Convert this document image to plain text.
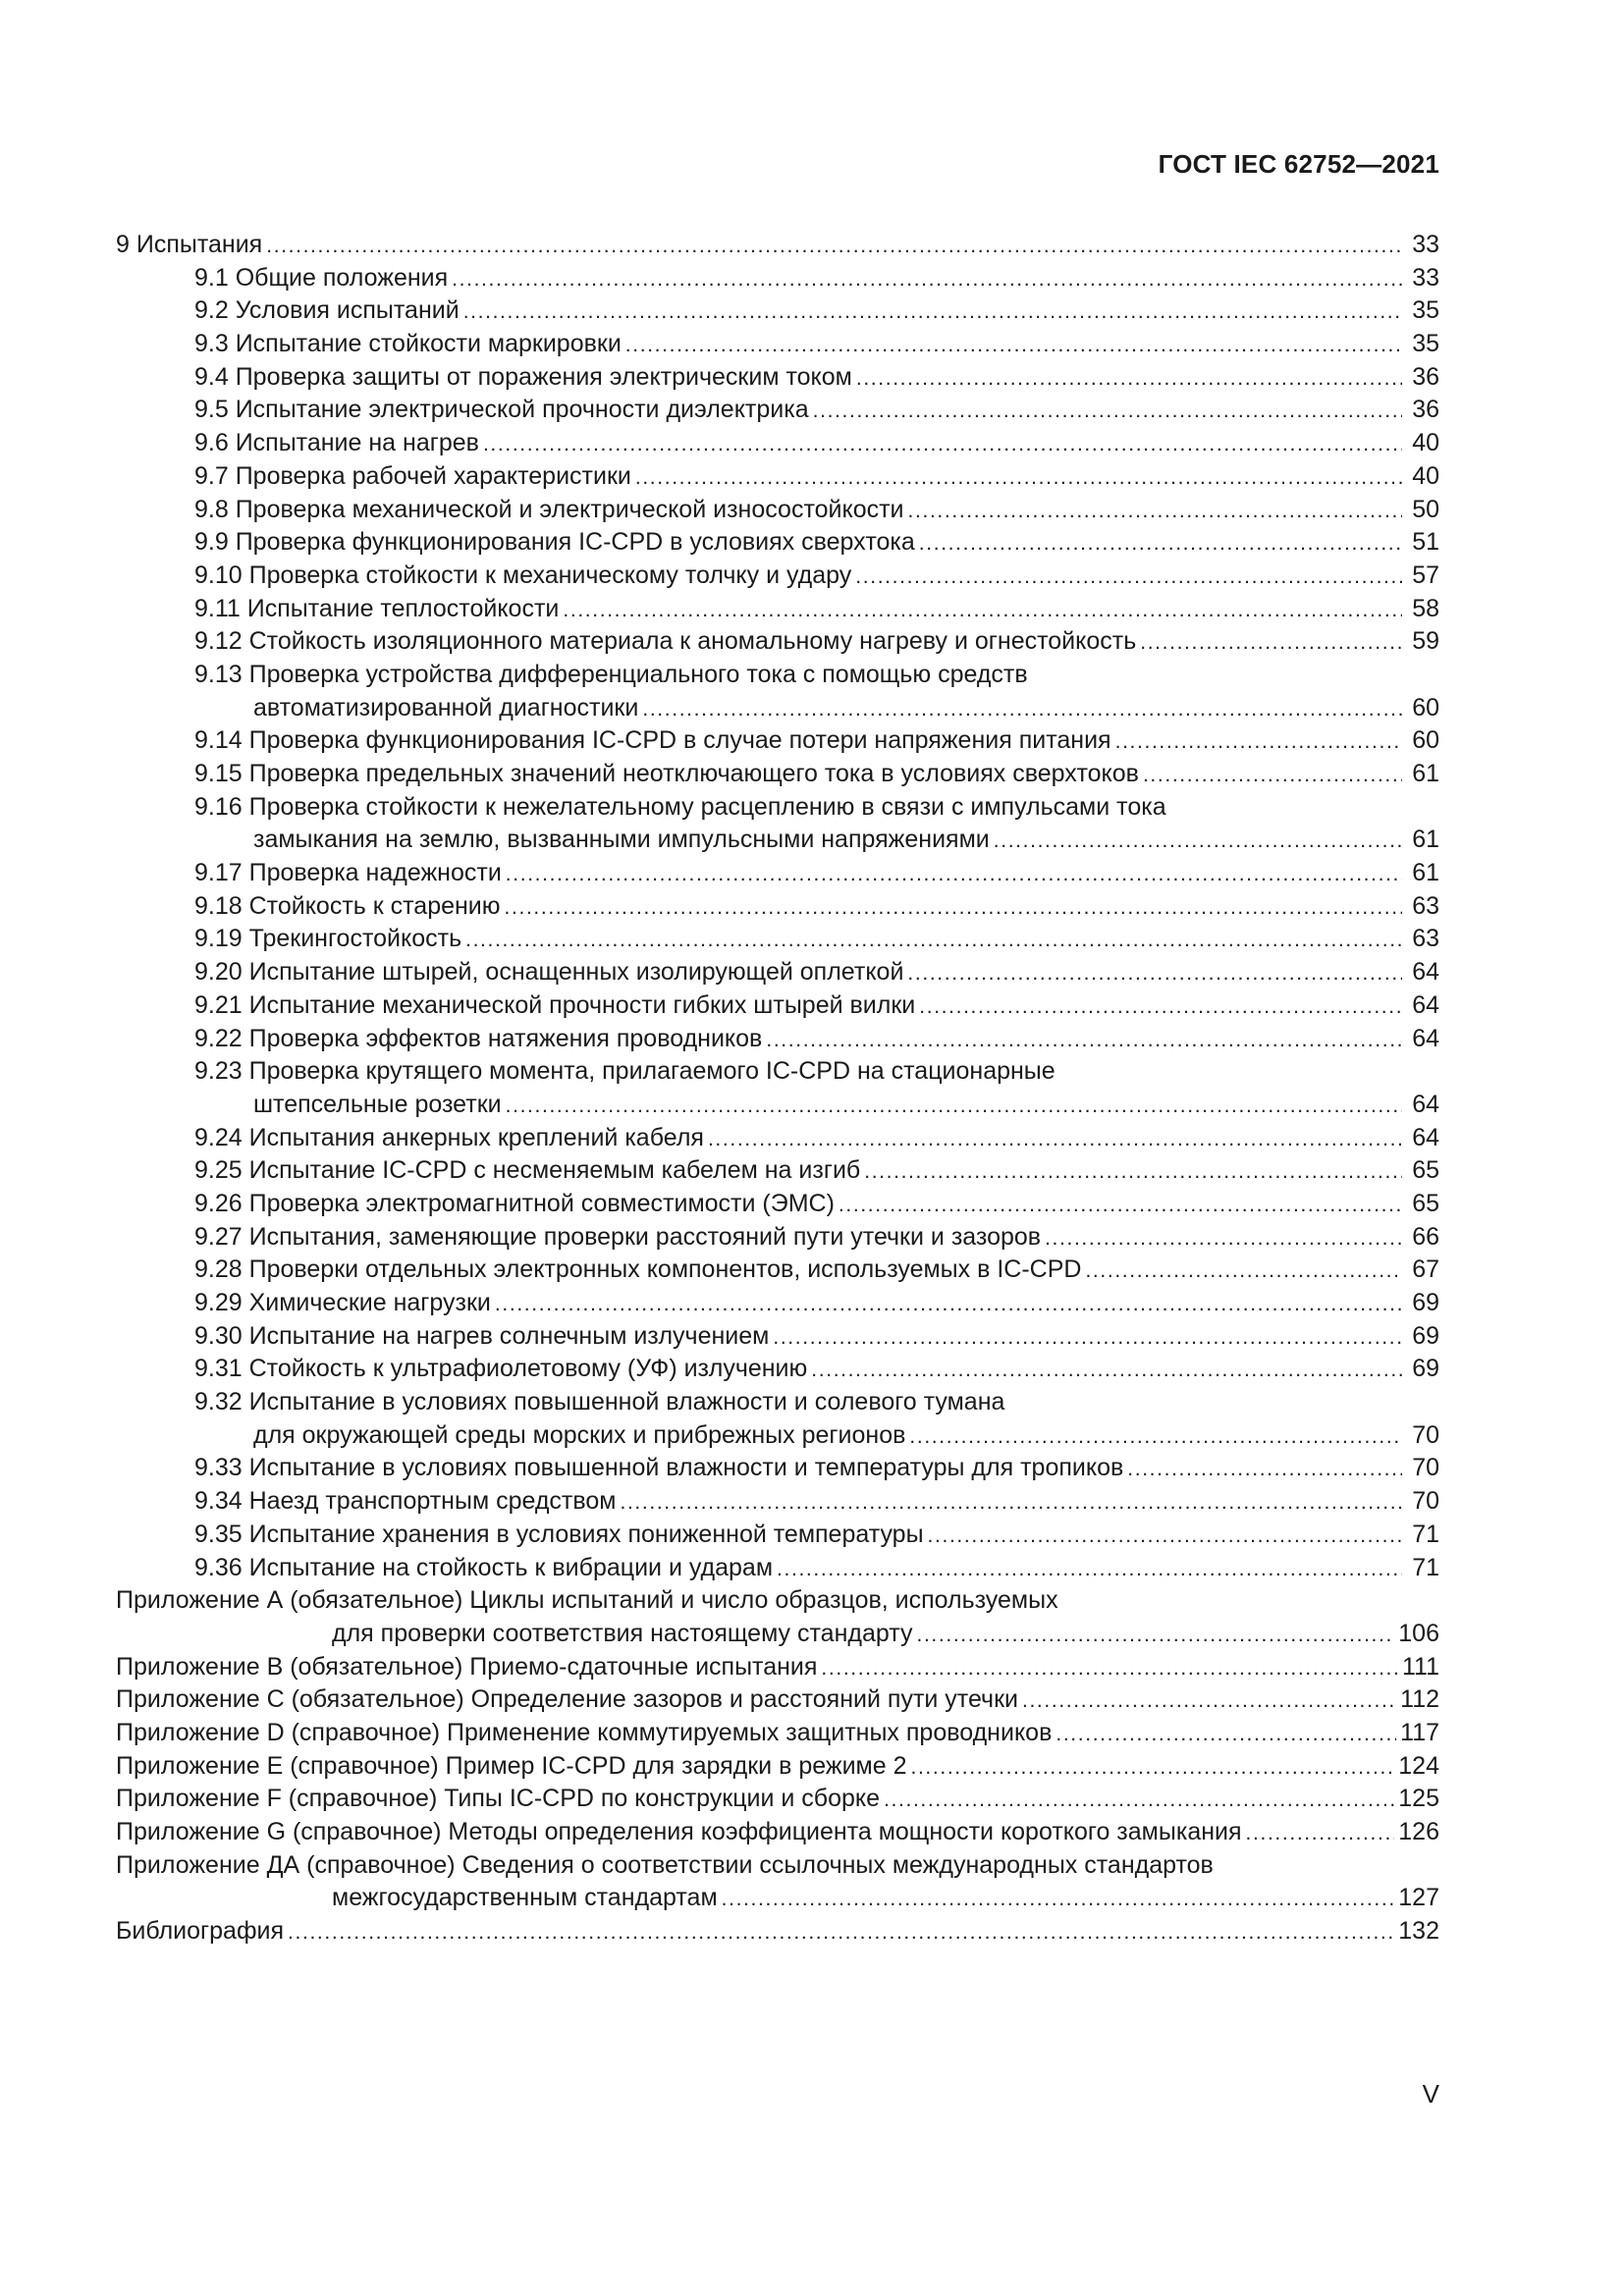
ГОСТ IEC 62752—2021
9 Испытания . . .	33
9.1 Общие положения . . .	33
9.2 Условия испытаний . . .	35
9.3 Испытание стойкости маркировки . . .	35
9.4 Проверка защиты от поражения электрическим током . . .	36
9.5 Испытание электрической прочности диэлектрика . . .	36
9.6 Испытание на нагрев . . .	40
9.7 Проверка рабочей характеристики . . .	40
9.8 Проверка механической и электрической износостойкости . . .	50
9.9 Проверка функционирования IC-CPD в условиях сверхтока . . .	51
9.10 Проверка стойкости к механическому толчку и удару . . .	57
9.11 Испытание теплостойкости . . .	58
9.12 Стойкость изоляционного материала к аномальному нагреву и огнестойкость . . .	59
9.13 Проверка устройства дифференциального тока с помощью средств
автоматизированной диагностики . . .	60
9.14 Проверка функционирования IC-CPD в случае потери напряжения питания . . .	60
9.15 Проверка предельных значений неотключающего тока в условиях сверхтоков . . .	61
9.16 Проверка стойкости к нежелательному расцеплению в связи с импульсами тока
замыкания на землю, вызванными импульсными напряжениями . . .	61
9.17 Проверка надежности . . .	61
9.18 Стойкость к старению . . .	63
9.19 Трекингостойкость . . .	63
9.20 Испытание штырей, оснащенных изолирующей оплеткой . . .	64
9.21 Испытание механической прочности гибких штырей вилки . . .	64
9.22 Проверка эффектов натяжения проводников . . .	64
9.23 Проверка крутящего момента, прилагаемого IC-CPD на стационарные
штепсельные розетки . . .	64
9.24 Испытания анкерных креплений кабеля . . .	64
9.25 Испытание IC-CPD с несменяемым кабелем на изгиб . . .	65
9.26 Проверка электромагнитной совместимости (ЭМС) . . .	65
9.27 Испытания, заменяющие проверки расстояний пути утечки и зазоров . . .	66
9.28 Проверки отдельных электронных компонентов, используемых в IC-CPD . . .	67
9.29 Химические нагрузки . . .	69
9.30 Испытание на нагрев солнечным излучением . . .	69
9.31 Стойкость к ультрафиолетовому (УФ) излучению . . .	69
9.32 Испытание в условиях повышенной влажности и солевого тумана
для окружающей среды морских и прибрежных регионов . . .	70
9.33 Испытание в условиях повышенной влажности и температуры для тропиков . . .	70
9.34 Наезд транспортным средством . . .	70
9.35 Испытание хранения в условиях пониженной температуры . . .	71
9.36 Испытание на стойкость к вибрации и ударам . . .	71
Приложение А (обязательное) Циклы испытаний и число образцов, используемых
для проверки соответствия настоящему стандарту . . .	106
Приложение В (обязательное) Приемо-сдаточные испытания . . .	111
Приложение С (обязательное) Определение зазоров и расстояний пути утечки . . .	112
Приложение D (справочное) Применение коммутируемых защитных проводников . . .	117
Приложение Е (справочное) Пример IC-CPD для зарядки в режиме 2 . . .	124
Приложение F (справочное) Типы IC-CPD по конструкции и сборке . . .	125
Приложение G (справочное) Методы определения коэффициента мощности короткого замыкания . . .	126
Приложение ДА (справочное) Сведения о соответствии ссылочных международных стандартов
межгосударственным стандартам . . .	127
Библиография . . .	132
V
